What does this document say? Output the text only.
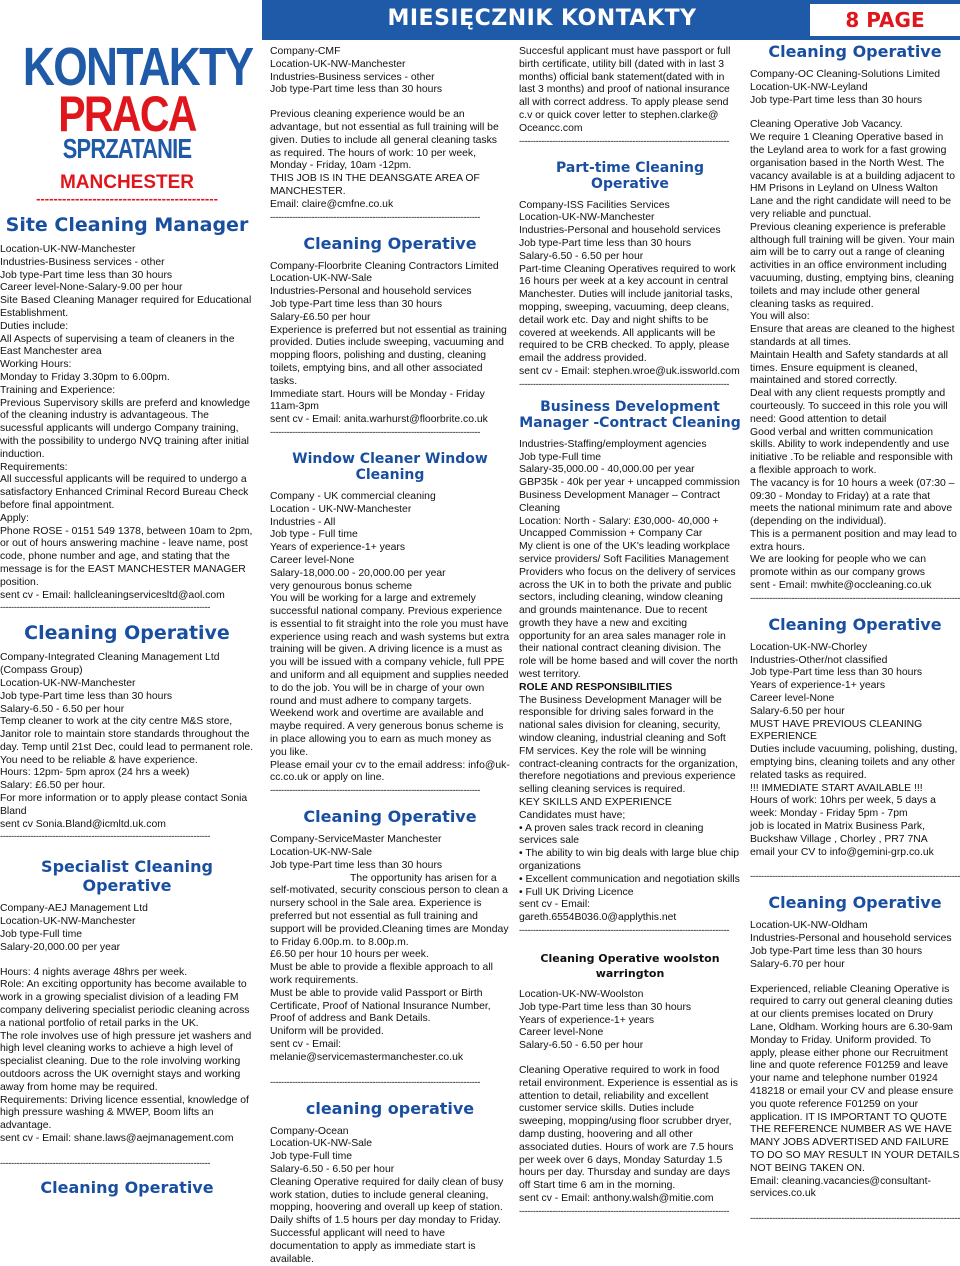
MIESIĘCZNIK KONTAKTY	8 PAGE
KONTAKTY
PRACA
SPRZATANIE
MANCHESTER
------------------------------------------
Site Cleaning Manager

Location-UK-NW-Manchester

Industries-Business services - other

Job type-Part time less than 30 hours

Career level-None-Salary-9.00 per hour

Site Based Cleaning Manager required for Educational Establishment.

Duties include:

All Aspects of supervising a team of cleaners in the East Manchester area

Working Hours:

Monday to Friday 3.30pm to 6.00pm.

Training and Experience:

Previous Supervisory skills are preferd and knowledge of the cleaning industry is advantageous. The sucessful applicants will undergo Company training, with the possibility to undergo NVQ training after initial induction.

Requirements:

All successful applicants will be required to undergo a satisfactory Enhanced Criminal Record Bureau Check before final appointment.

Apply:

Phone ROSE - 0151 549 1378, between 10am to 2pm, or out of hours answering machine - leave name, post code, phone number and age, and stating that the message is for the EAST MANCHESTER MANAGER position.

sent cv - Email: hallcleaningservicesltd@aol.com

----------------------------------------------------------------------------
Cleaning Operative

Company-Integrated Cleaning Management Ltd (Compass Group)

Location-UK-NW-Manchester

Job type-Part time less than 30 hours

Salary-6.50 - 6.50 per hour

Temp cleaner to work at the city centre M&S store, Janitor role to maintain store standards throughout the day. Temp until 21st Dec, could lead to permanent role.

You need to be reliable & have experience.

Hours: 12pm- 5pm aprox (24 hrs a week)

Salary: £6.50 per hour.

For more information or to apply please contact Sonia Bland

sent cv Sonia.Bland@icmltd.uk.com

----------------------------------------------------------------------------
Specialist Cleaning Operative

Company-AEJ Management Ltd

Location-UK-NW-Manchester

Job type-Full time

Salary-20,000.00 per year

Hours: 4 nights average 48hrs per week.

Role: An exciting opportunity has become available to work in a growing specialist division of a leading FM company delivering specialist periodic cleaning across a national portfolio of retail parks in the UK.

The role involves use of high pressure jet washers and high level cleaning works to achieve a high level of specialist cleaning. Due to the role involving working outdoors across the UK overnight stays and working away from home may be required.

Requirements: Driving licence essential, knowledge of high pressure washing & MWEP, Boom lifts an advantage.

sent cv - Email: shane.laws@aejmanagement.com

----------------------------------------------------------------------------
Cleaning Operative

Company-CMF

Location-UK-NW-Manchester

Industries-Business services - other

Job type-Part time less than 30 hours

Previous cleaning experience would be an advantage, but not essential as full training will be given. Duties to include all general cleaning tasks as required. The hours of work: 10 per week, Monday - Friday, 10am -12pm.

THIS JOB IS IN THE DEANSGATE AREA OF MANCHESTER.

Email: claire@cmfne.co.uk

----------------------------------------------------------------------------
Cleaning Operative

Company-Floorbrite Cleaning Contractors Limited

Location-UK-NW-Sale

Industries-Personal and household services

Job type-Part time less than 30 hours

Salary-£6.50 per hour

Experience is preferred but not essential as training provided. Duties include sweeping, vacuuming and mopping floors, polishing and dusting, cleaning toilets, emptying bins, and all other associated tasks.

Immediate start. Hours will be Monday - Friday 11am-3pm

sent cv - Email: anita.warhurst@floorbrite.co.uk

----------------------------------------------------------------------------
Window Cleaner Window Cleaning

Company - UK commercial cleaning

Location - UK-NW-Manchester

Industries - All

Job type - Full time

Years of experience-1+ years

Career level-None

Salary-18,000.00 - 20,000.00 per year

very genourous bonus scheme

You will be working for a large and extremely successful national company. Previous experience is essential to fit straight into the role you must have experience using reach and wash systems but extra training will be given. A driving licence is a must as you will be issued with a company vehicle, full PPE and uniform and all equipment and supplies needed to do the job. You will be in charge of your own round and must adhere to company targets. Weekend work and overtime are available and maybe required. A very generous bonus scheme is in place allowing you to earn as much money as you like.

Please email your cv to the email address: info@uk-cc.co.uk or apply on line.

----------------------------------------------------------------------------
Cleaning Operative

Company-ServiceMaster Manchester

Location-UK-NW-Sale

Job type-Part time less than 30 hours

The opportunity has arisen for a

self-motivated, security conscious person to clean a nursery school in the Sale area. Experience is preferred but not essential as full training and support will be provided.Cleaning times are Monday to Friday 6.00p.m. to 8.00p.m.

£6.50 per hour 10 hours per week.

Must be able to provide a flexible approach to all work requirements.

Must be able to provide valid Passport or Birth Certificate, Proof of National Insurance Number, Proof of address and Bank Details.

Uniform will be provided.

sent cv - Email:

melanie@servicemastermanchester.co.uk

----------------------------------------------------------------------------
cleaning operative

Company-Ocean

Location-UK-NW-Sale

Job type-Full time

Salary-6.50 - 6.50 per hour

Cleaning Operative required for daily clean of busy work station, duties to include general cleaning, mopping, hoovering and overall up keep of station. Daily shifts of 1.5 hours per day monday to Friday. Successful applicant will need to have documentation to apply as immediate start is available.

Succesful applicant must have passport or full birth certificate, utility bill (dated with in last 3 months) official bank statement(dated with in last 3 months) and proof of national insurance all with correct address. To apply please send c.v or quick cover letter to stephen.clarke@ Oceancc.com

----------------------------------------------------------------------------
Part-time Cleaning Operative

Company-ISS Facilities Services

Location-UK-NW-Manchester

Industries-Personal and household services

Job type-Part time less than 30 hours

Salary-6.50 - 6.50 per hour

Part-time Cleaning Operatives required to work 16 hours per week at a key account in central Manchester. Duties will include janitorial tasks, mopping, sweeping, vacuuming, deep cleans, detail work etc. Day and night shifts to be covered at weekends. All applicants will be required to be CRB checked. To apply, please email the address provided.

sent cv - Email: stephen.wroe@uk.issworld.com

----------------------------------------------------------------------------
Business Development Manager -Contract Cleaning

Industries-Staffing/employment agencies

Job type-Full time

Salary-35,000.00 - 40,000.00 per year

GBP35k - 40k per year + uncapped commission

Business Development Manager – Contract Cleaning

Location: North - Salary: £30,000- 40,000 + Uncapped Commission + Company Car

My client is one of the UK's leading workplace service providers/ Soft Facilities Management Providers who focus on the delivery of services across the UK in to both the private and public sectors, including cleaning, window cleaning and grounds maintenance. Due to recent growth they have a new and exciting opportunity for an area sales manager role in their national contract cleaning division. The role will be home based and will cover the north west territory.

ROLE AND RESPONSIBILITIES

The Business Development Manager will be responsible for driving sales forward in the national sales division for cleaning, security, window cleaning, industrial cleaning and Soft FM services. Key the role will be winning contract-cleaning contracts for the organization, therefore negotiations and previous experience selling cleaning services is required.

KEY SKILLS AND EXPERIENCE

Candidates must have;

• A proven sales track record in cleaning services sale

• The ability to win big deals with large blue chip organizations

• Excellent communication and negotiation skills

• Full UK Driving Licence

sent cv - Email: gareth.6554B036.0@applythis.net

----------------------------------------------------------------------------
Cleaning Operative woolston warrington

Location-UK-NW-Woolston

Job type-Part time less than 30 hours

Years of experience-1+ years

Career level-None

Salary-6.50 - 6.50 per hour

Cleaning Operative required to work in food retail environment. Experience is essential as is attention to detail, reliability and excellent customer service skills. Duties include sweeping, mopping/using floor scrubber dryer, damp dusting, hoovering and all other associated duties. Hours of work are 7.5 hours per week over 6 days, Monday Saturday 1.5 hours per day. Thursday and sunday are days off Start time 6 am in the morning.

sent cv - Email: anthony.walsh@mitie.com

----------------------------------------------------------------------------
Cleaning Operative

Company-OC Cleaning-Solutions Limited

Location-UK-NW-Leyland

Job type-Part time less than 30 hours

Cleaning Operative Job Vacancy.

We require 1 Cleaning Operative based in the Leyland area to work for a fast growing organisation based in the North West. The vacancy available is at a building adjacent to HM Prisons in Leyland on Ulness Walton Lane and the right candidate will need to be very reliable and punctual.

Previous cleaning experience is preferable although full training will be given. Your main aim will be to carry out a range of cleaning activities in an office environment including vacuuming, dusting, emptying bins, cleaning toilets and may include other general cleaning tasks as required.

You will also:

Ensure that areas are cleaned to the highest standards at all times.

Maintain Health and Safety standards at all times. Ensure equipment is cleaned, maintained and stored correctly.

Deal with any client requests promptly and courteously. To succeed in this role you will need: Good attention to detail

Good verbal and written communication skills. Ability to work independently and use initiative .To be reliable and responsible with a flexible approach to work.

The vacancy is for 10 hours a week (07:30 – 09:30 - Monday to Friday) at a rate that meets the national minimum rate and above (depending on the individual).

This is a permanent position and may lead to extra hours.

We are looking for people who we can promote within as our company grows

sent - Email: mwhite@occleaning.co.uk

----------------------------------------------------------------------------
Cleaning Operative

Location-UK-NW-Chorley

Industries-Other/not classified

Job type-Part time less than 30 hours

Years of experience-1+ years

Career level-None

Salary-6.50 per hour

MUST HAVE PREVIOUS CLEANING EXPERIENCE

Duties include vacuuming, polishing, dusting, emptying bins, cleaning toilets and any other related tasks as required.

!!! IMMEDIATE START AVAILABLE !!!

Hours of work: 10hrs per week, 5 days a week: Monday - Friday 5pm - 7pm

job is located in Matrix Business Park, Buckshaw Village , Chorley , PR7 7NA

email your CV to info@gemini-grp.co.uk

----------------------------------------------------------------------------
Cleaning Operative

Location-UK-NW-Oldham

Industries-Personal and household services

Job type-Part time less than 30 hours

Salary-6.70 per hour

Experienced, reliable Cleaning Operative is required to carry out general cleaning duties at our clients premises located on Drury Lane, Oldham. Working hours are 6.30-9am Monday to Friday. Uniform provided. To apply, please either phone our Recruitment line and quote reference F01259 and leave your name and telephone number 01924 418218 or email your CV and please ensure you quote reference F01259 on your application. IT IS IMPORTANT TO QUOTE THE REFERENCE NUMBER AS WE HAVE MANY JOBS ADVERTISED AND FAILURE TO DO SO MAY RESULT IN YOUR DETAILS NOT BEING TAKEN ON.

Email: cleaning.vacancies@consultant-services.co.uk

----------------------------------------------------------------------------
